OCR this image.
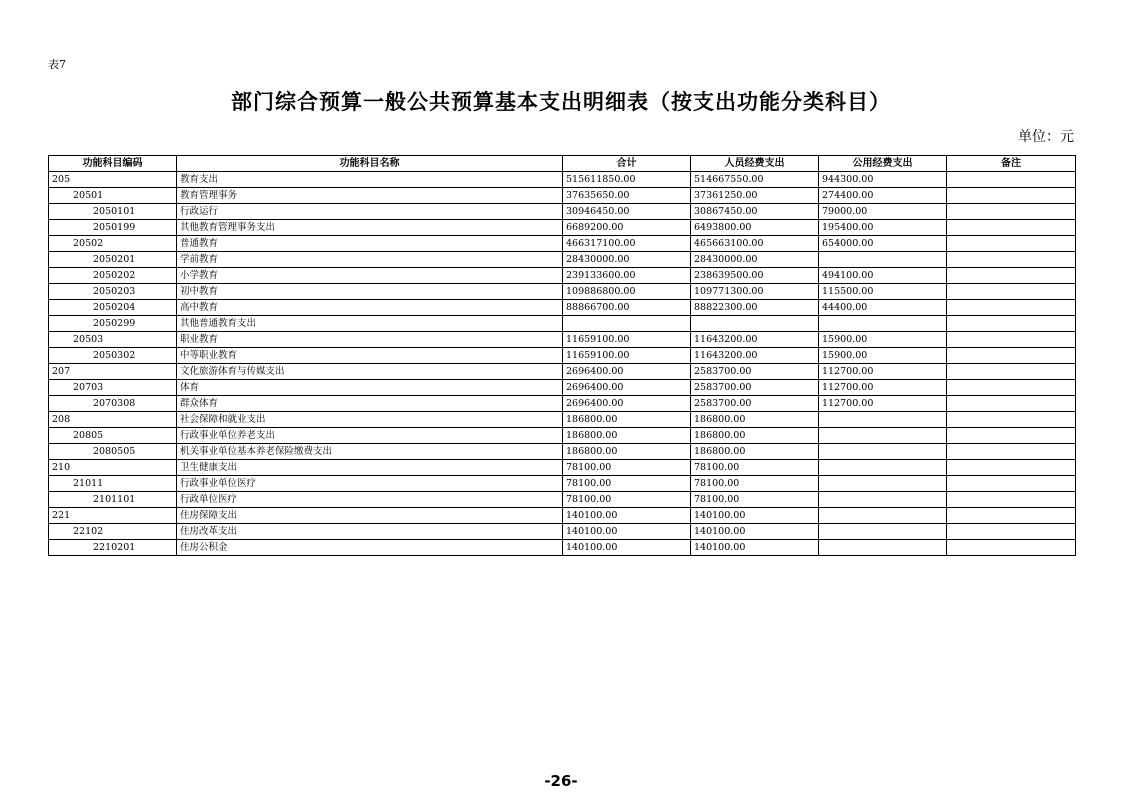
表7
部门综合预算一般公共预算基本支出明细表（按支出功能分类科目）
单位：元
功能科目编码	功能科目名称	合计	人员经费支出	公用经费支出	备注
205	教育支出	515611850.00	514667550.00	944300.00	
20501	教育管理事务	37635650.00	37361250.00	274400.00	
2050101	行政运行	30946450.00	30867450.00	79000.00	
2050199	其他教育管理事务支出	6689200.00	6493800.00	195400.00	
20502	普通教育	466317100.00	465663100.00	654000.00	
2050201	学前教育	28430000.00	28430000.00		
2050202	小学教育	239133600.00	238639500.00	494100.00	
2050203	初中教育	109886800.00	109771300.00	115500.00	
2050204	高中教育	88866700.00	88822300.00	44400.00	
2050299	其他普通教育支出				
20503	职业教育	11659100.00	11643200.00	15900.00	
2050302	中等职业教育	11659100.00	11643200.00	15900.00	
207	文化旅游体育与传媒支出	2696400.00	2583700.00	112700.00	
20703	体育	2696400.00	2583700.00	112700.00	
2070308	群众体育	2696400.00	2583700.00	112700.00	
208	社会保障和就业支出	186800.00	186800.00		
20805	行政事业单位养老支出	186800.00	186800.00		
2080505	机关事业单位基本养老保险缴费支出	186800.00	186800.00		
210	卫生健康支出	78100.00	78100.00		
21011	行政事业单位医疗	78100.00	78100.00		
2101101	行政单位医疗	78100.00	78100.00		
221	住房保障支出	140100.00	140100.00		
22102	住房改革支出	140100.00	140100.00		
2210201	住房公积金	140100.00	140100.00		
-26-
